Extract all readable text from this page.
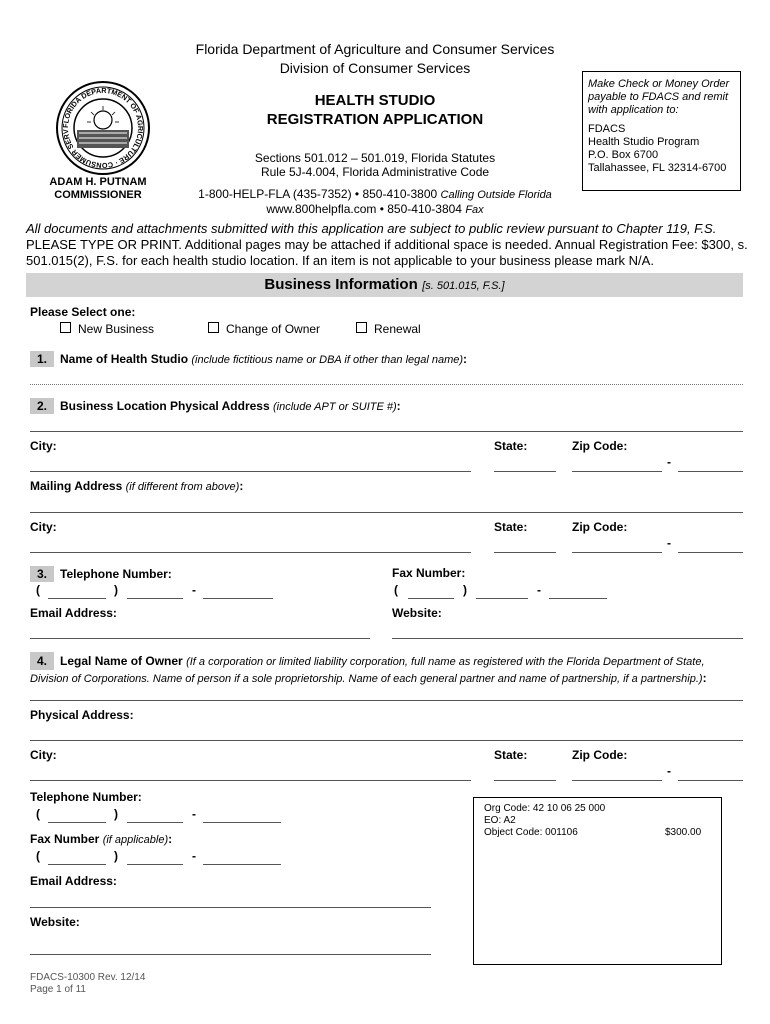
Florida Department of Agriculture and Consumer Services
Division of Consumer Services
FLORIDA DEPARTMENT OF AGRICULTURE · CONSUMER SERV
ADAM H. PUTNAM
COMMISSIONER
HEALTH STUDIO
REGISTRATION APPLICATION
Sections 501.012 – 501.019, Florida Statutes
Rule 5J-4.004, Florida Administrative Code
1-800-HELP-FLA (435-7352) • 850-410-3800 Calling Outside Florida
www.800helpfla.com • 850-410-3804 Fax
Make Check or Money Order payable to FDACS and remit with application to:
FDACS
Health Studio Program
P.O. Box 6700
Tallahassee, FL 32314-6700
All documents and attachments submitted with this application are subject to public review pursuant to Chapter 119, F.S. PLEASE TYPE OR PRINT. Additional pages may be attached if additional space is needed. Annual Registration Fee: $300, s. 501.015(2), F.S. for each health studio location. If an item is not applicable to your business please mark N/A.
Business Information [s. 501.015, F.S.]
Please Select one:
New Business	Change of Owner	Renewal
1. Name of Health Studio (include fictitious name or DBA if other than legal name):
2. Business Location Physical Address (include APT or SUITE #):
City:	State:	Zip Code:
-
Mailing Address (if different from above):
City:	State:	Zip Code:
-
3. Telephone Number:	Fax Number:
(	)	-	(	)	-
Email Address:	Website:
4. Legal Name of Owner (If a corporation or limited liability corporation, full name as registered with the Florida Department of State, Division of Corporations. Name of person if a sole proprietorship. Name of each general partner and name of partnership, if a partnership.):
Physical Address:
City:	State:	Zip Code:
-
Telephone Number:
(	)	-
Fax Number (if applicable):
(	)	-
Email Address:
Website:
Org Code: 42 10 06 25 000
EO: A2
Object Code: 001106	$300.00
FDACS-10300 Rev. 12/14
Page 1 of 11
